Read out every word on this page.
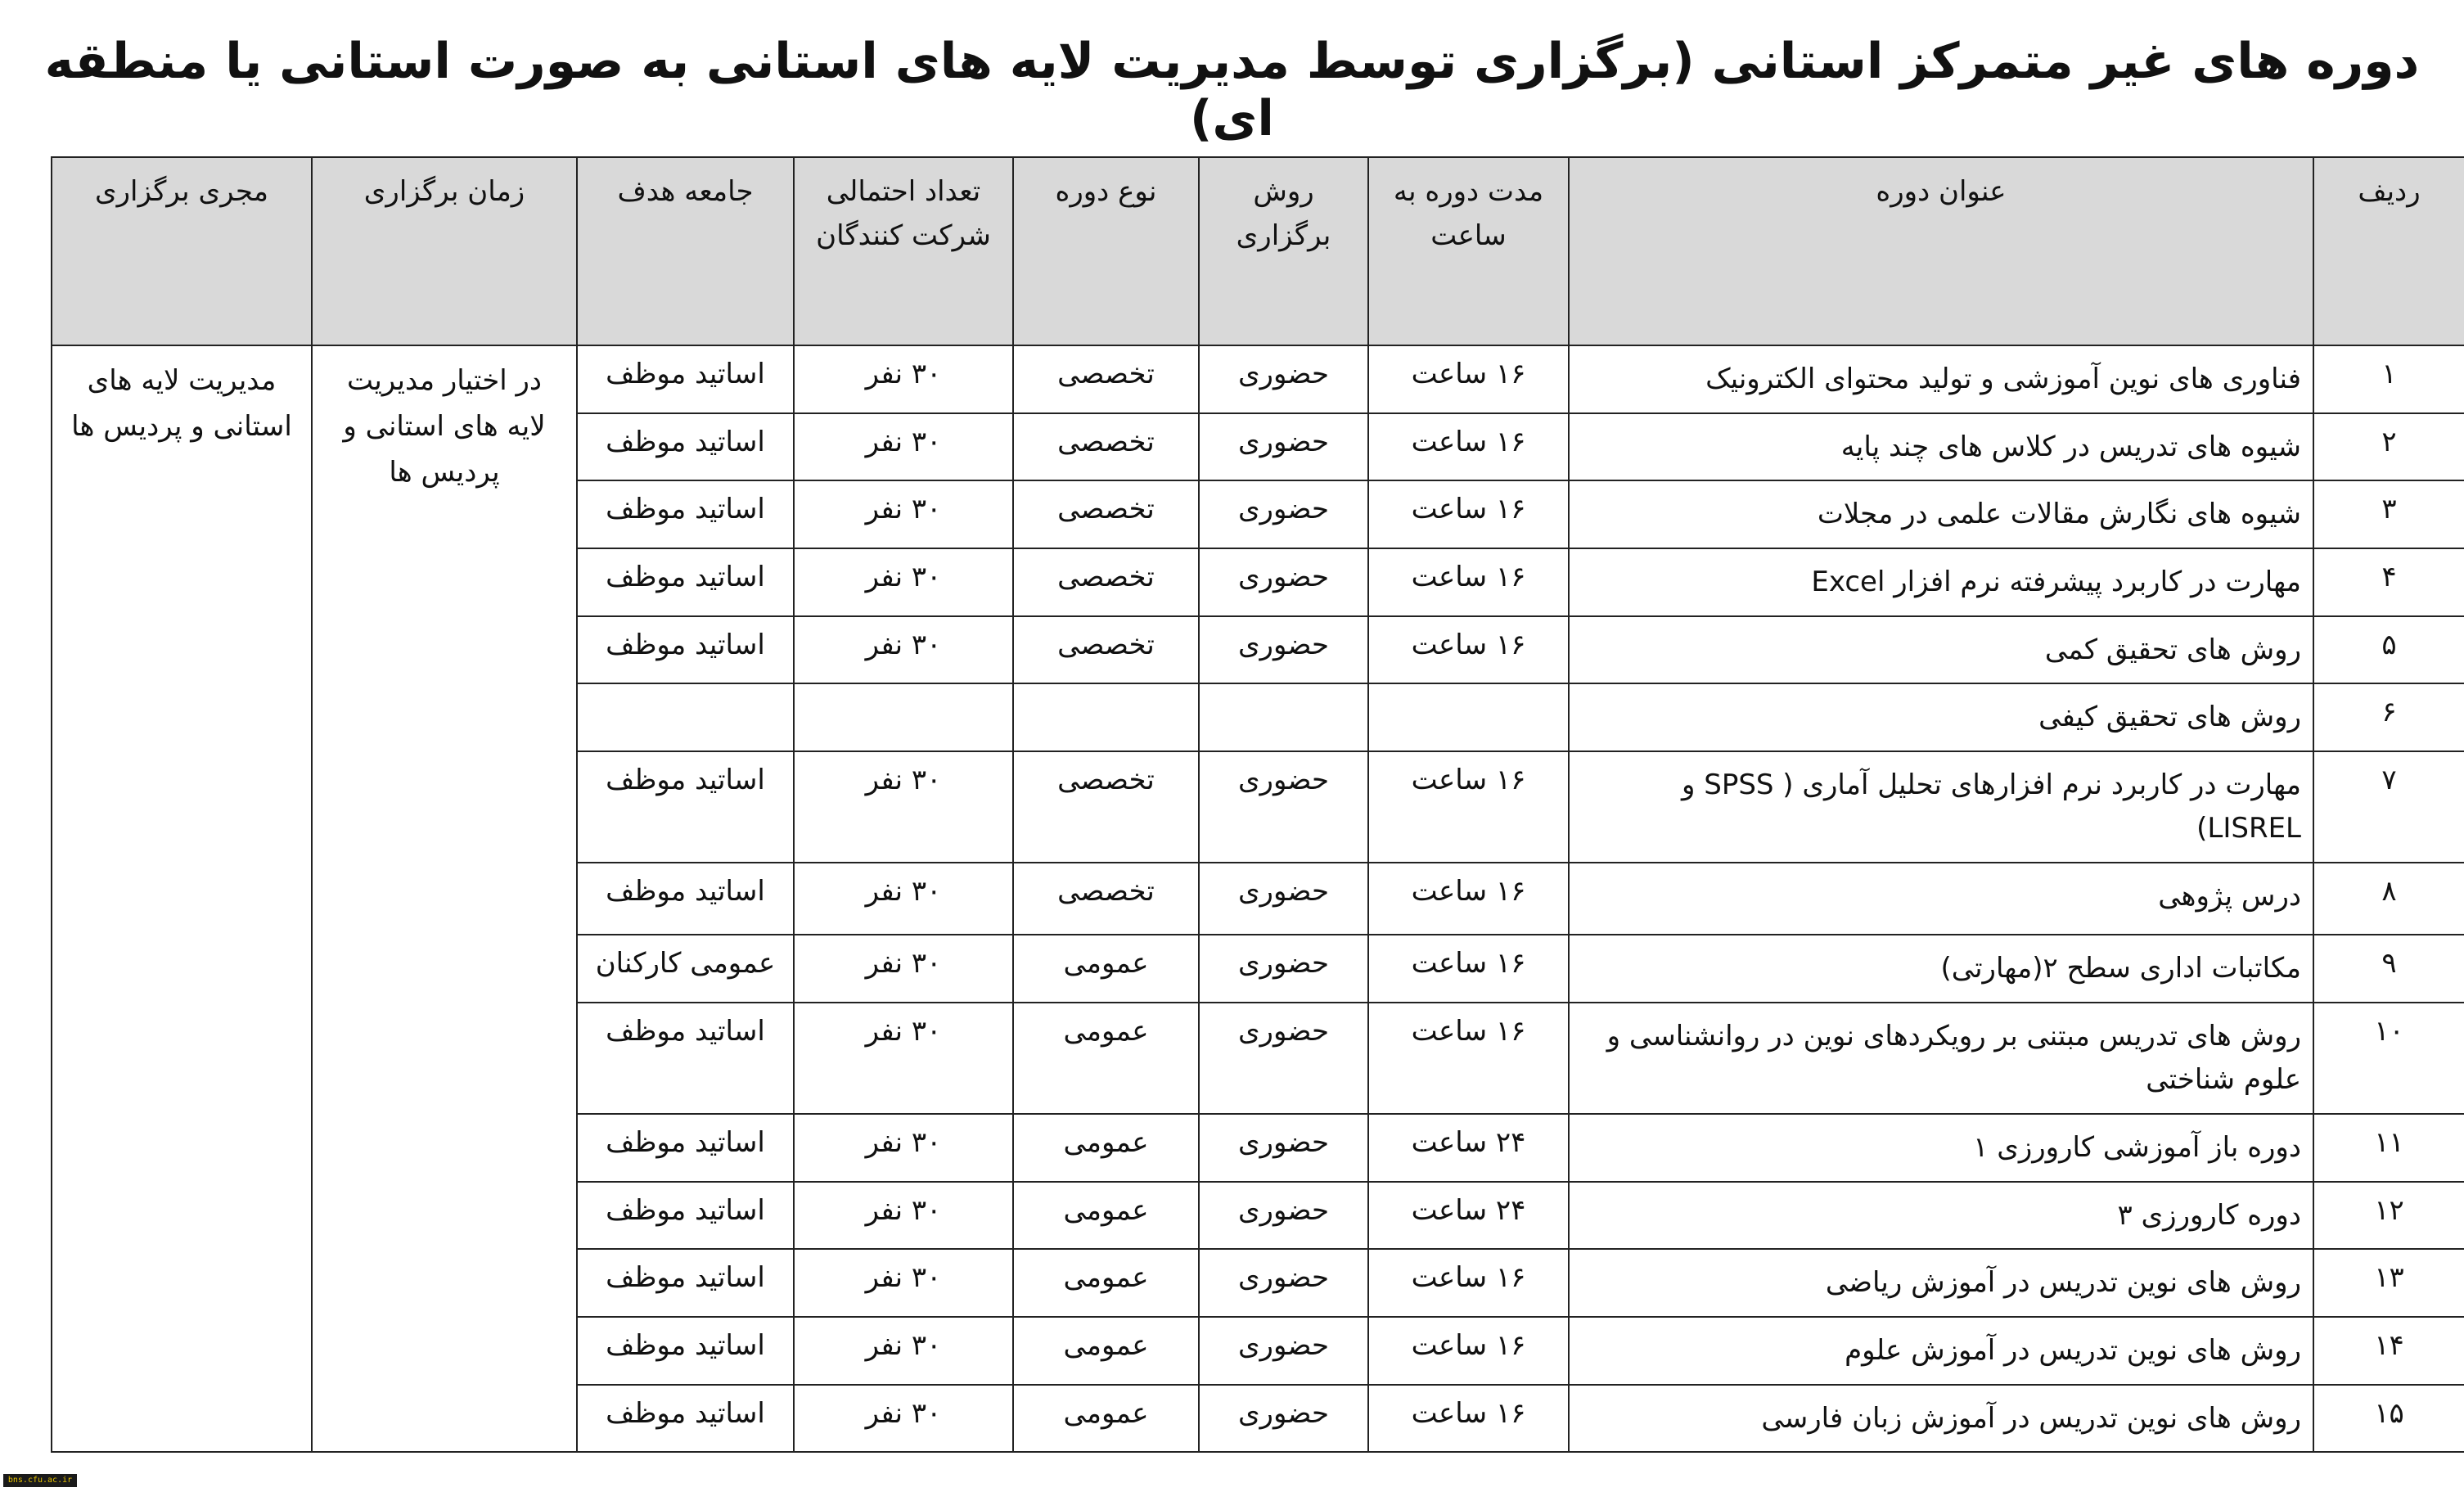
دوره های غیر متمرکز استانی (برگزاری توسط مدیریت لایه های استانی به صورت استانی یا منطقه ای)
ردیف	عنوان دوره	مدت دوره به ساعت	روش برگزاری	نوع دوره	تعداد احتمالی شرکت کنندگان	جامعه هدف	زمان برگزاری	مجری برگزاری
۱	فناوری های نوین آموزشی و تولید محتوای الکترونیک	۱۶ ساعت	حضوری	تخصصی	۳۰ نفر	اساتید موظف	در اختیار مدیریت لایه های استانی و پردیس ها	مدیریت لایه های استانی و پردیس ها
۲	شیوه های تدریس در کلاس های چند پایه	۱۶ ساعت	حضوری	تخصصی	۳۰ نفر	اساتید موظف		
۳	شیوه های نگارش مقالات علمی در مجلات	۱۶ ساعت	حضوری	تخصصی	۳۰ نفر	اساتید موظف		
۴	مهارت در کاربرد پیشرفته نرم افزار Excel	۱۶ ساعت	حضوری	تخصصی	۳۰ نفر	اساتید موظف		
۵	روش های تحقیق کمی	۱۶ ساعت	حضوری	تخصصی	۳۰ نفر	اساتید موظف		
۶	روش های تحقیق کیفی							
۷	مهارت در کاربرد نرم افزارهای تحلیل آماری ( SPSS و LISREL)	۱۶ ساعت	حضوری	تخصصی	۳۰ نفر	اساتید موظف		
۸	درس پژوهی	۱۶ ساعت	حضوری	تخصصی	۳۰ نفر	اساتید موظف		
۹	مکاتبات اداری سطح ۲(مهارتی)	۱۶ ساعت	حضوری	عمومی	۳۰ نفر	عمومی کارکنان		
۱۰	روش های تدریس مبتنی بر رویکردهای نوین در روانشناسی و علوم شناختی	۱۶ ساعت	حضوری	عمومی	۳۰ نفر	اساتید موظف		
۱۱	دوره باز آموزشی کارورزی ۱	۲۴ ساعت	حضوری	عمومی	۳۰ نفر	اساتید موظف		
۱۲	دوره کارورزی ۳	۲۴ ساعت	حضوری	عمومی	۳۰ نفر	اساتید موظف		
۱۳	روش های نوین تدریس در آموزش ریاضی	۱۶ ساعت	حضوری	عمومی	۳۰ نفر	اساتید موظف		
۱۴	روش های نوین تدریس در آموزش علوم	۱۶ ساعت	حضوری	عمومی	۳۰ نفر	اساتید موظف		
۱۵	روش های نوین تدریس در آموزش زبان فارسی	۱۶ ساعت	حضوری	عمومی	۳۰ نفر	اساتید موظف		
bns.cfu.ac.ir
